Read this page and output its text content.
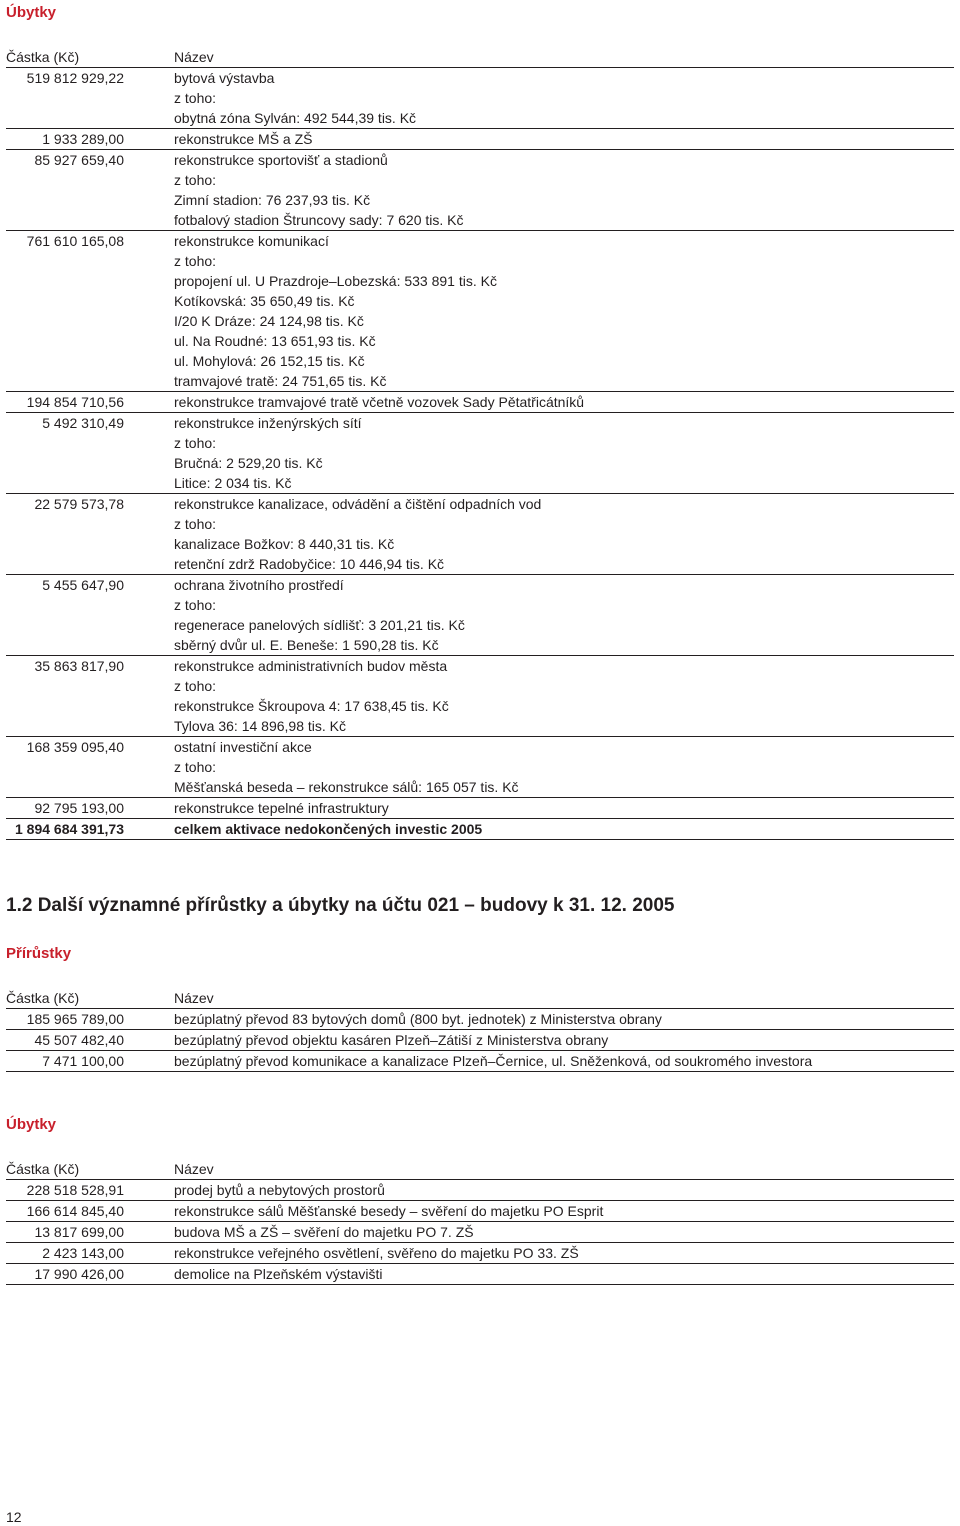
Úbytky
Částka (Kč)		Název
519 812 929,22		bytová výstavba
		z toho:
		obytná zóna Sylván: 492 544,39 tis. Kč
1 933 289,00		rekonstrukce MŠ a ZŠ
85 927 659,40		rekonstrukce sportovišť a stadionů
		z toho:
		Zimní stadion: 76 237,93 tis. Kč
		fotbalový stadion Štruncovy sady: 7 620 tis. Kč
761 610 165,08		rekonstrukce komunikací
		z toho:
		propojení ul. U Prazdroje–Lobezská: 533 891 tis. Kč
		Kotíkovská: 35 650,49 tis. Kč
		I/20 K Dráze: 24 124,98 tis. Kč
		ul. Na Roudné: 13 651,93 tis. Kč
		ul. Mohylová: 26 152,15 tis. Kč
		tramvajové tratě: 24 751,65 tis. Kč
194 854 710,56		rekonstrukce tramvajové tratě včetně vozovek Sady Pětatřicátníků
5 492 310,49		rekonstrukce inženýrských sítí
		z toho:
		Bručná: 2 529,20 tis. Kč
		Litice: 2 034 tis. Kč
22 579 573,78		rekonstrukce kanalizace, odvádění a čištění odpadních vod
		z toho:
		kanalizace Božkov: 8 440,31 tis. Kč
		retenční zdrž Radobyčice: 10 446,94 tis. Kč
5 455 647,90		ochrana životního prostředí
		z toho:
		regenerace panelových sídlišť: 3 201,21 tis. Kč
		sběrný dvůr ul. E. Beneše: 1 590,28 tis. Kč
35 863 817,90		rekonstrukce administrativních budov města
		z toho:
		rekonstrukce Škroupova 4: 17 638,45 tis. Kč
		Tylova 36: 14 896,98 tis. Kč
168 359 095,40		ostatní investiční akce
		z toho:
		Měšťanská beseda – rekonstrukce sálů: 165 057 tis. Kč
92 795 193,00		rekonstrukce tepelné infrastruktury
1 894 684 391,73		celkem aktivace nedokončených investic 2005
1.2 Další významné přírůstky a úbytky na účtu 021 – budovy k 31. 12. 2005
Přírůstky
Částka (Kč)		Název
185 965 789,00		bezúplatný převod 83 bytových domů (800 byt. jednotek) z Ministerstva obrany
45 507 482,40		bezúplatný převod objektu kasáren Plzeň–Zátiší z Ministerstva obrany
7 471 100,00		bezúplatný převod komunikace a kanalizace Plzeň–Černice, ul. Sněženková, od soukromého investora
Úbytky
Částka (Kč)		Název
228 518 528,91		prodej bytů a nebytových prostorů
166 614 845,40		rekonstrukce sálů Měšťanské besedy – svěření do majetku PO Esprit
13 817 699,00		budova MŠ a ZŠ – svěření do majetku PO 7. ZŠ
2 423 143,00		rekonstrukce veřejného osvětlení, svěřeno do majetku PO 33. ZŠ
17 990 426,00		demolice na Plzeňském výstavišti
12
